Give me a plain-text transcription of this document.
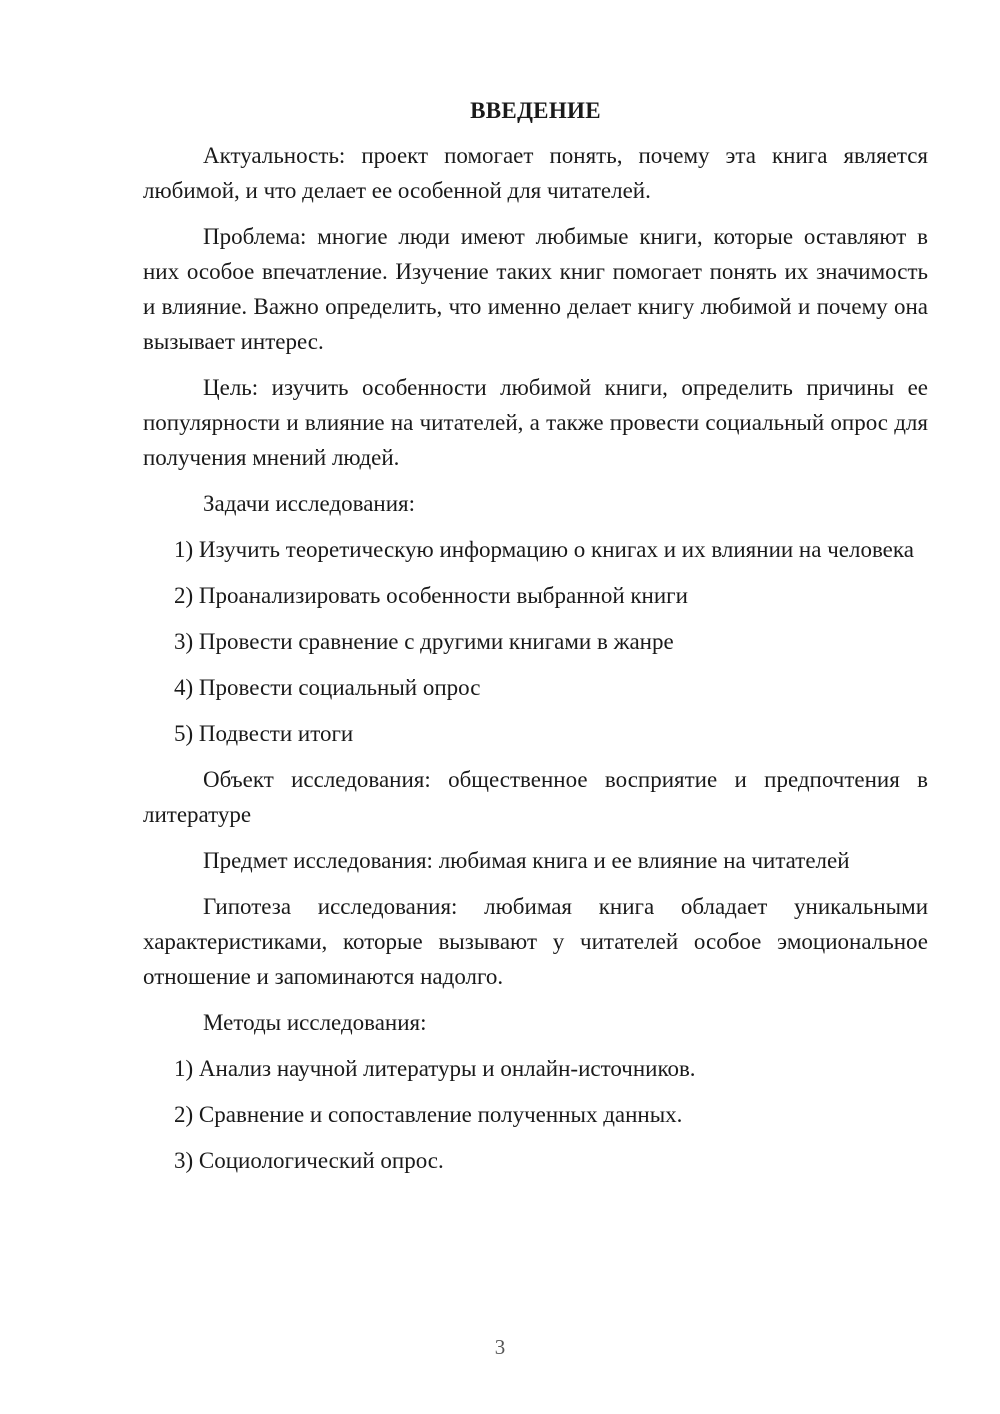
ВВЕДЕНИЕ

Актуальность: проект помогает понять, почему эта книга является любимой, и что делает ее особенной для читателей.

Проблема: многие люди имеют любимые книги, которые оставляют в них особое впечатление. Изучение таких книг помогает понять их значимость и влияние. Важно определить, что именно делает книгу любимой и почему она вызывает интерес.

Цель: изучить особенности любимой книги, определить причины ее популярности и влияние на читателей, а также провести социальный опрос для получения мнений людей.

Задачи исследования:

1) Изучить теоретическую информацию о книгах и их влиянии на человека

2) Проанализировать особенности выбранной книги

3) Провести сравнение с другими книгами в жанре

4) Провести социальный опрос

5) Подвести итоги

Объект исследования: общественное восприятие и предпочтения в литературе

Предмет исследования: любимая книга и ее влияние на читателей

Гипотеза исследования: любимая книга обладает уникальными характеристиками, которые вызывают у читателей особое эмоциональное отношение и запоминаются надолго.

Методы исследования:

1) Анализ научной литературы и онлайн-источников.

2) Сравнение и сопоставление полученных данных.

3) Социологический опрос.

3
